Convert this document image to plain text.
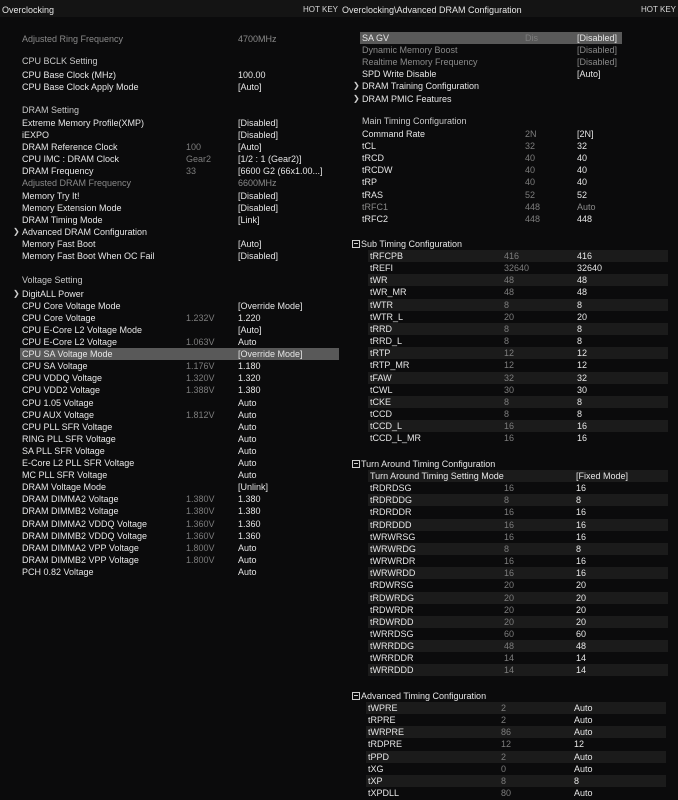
Overclocking	HOT KEY
Adjusted Ring Frequency	4700MHz
CPU BCLK Setting
CPU Base Clock (MHz)	100.00
CPU Base Clock Apply Mode	[Auto]
DRAM Setting
Extreme Memory Profile(XMP)	[Disabled]
iEXPO	[Disabled]
DRAM Reference Clock	100	[Auto]
CPU IMC : DRAM Clock	Gear2	[1/2 : 1 (Gear2)]
DRAM Frequency	33	[6600 G2 (66x1.00...]
Adjusted DRAM Frequency	6600MHz
Memory Try It!	[Disabled]
Memory Extension Mode	[Disabled]
DRAM Timing Mode	[Link]
❯ Advanced DRAM Configuration
Memory Fast Boot	[Auto]
Memory Fast Boot When OC Fail	[Disabled]
Voltage Setting
❯ DigitALL Power
CPU Core Voltage Mode	[Override Mode]
CPU Core Voltage	1.232V	1.220
CPU E-Core L2 Voltage Mode	[Auto]
CPU E-Core L2 Voltage	1.063V	Auto
CPU SA Voltage Mode	[Override Mode]
CPU SA Voltage	1.176V	1.180
CPU VDDQ Voltage	1.320V	1.320
CPU VDD2 Voltage	1.388V	1.380
CPU 1.05 Voltage	Auto
CPU AUX Voltage	1.812V	Auto
CPU PLL SFR Voltage	Auto
RING PLL SFR Voltage	Auto
SA PLL SFR Voltage	Auto
E-Core L2 PLL SFR Voltage	Auto
MC PLL SFR Voltage	Auto
DRAM Voltage Mode	[Unlink]
DRAM DIMMA2 Voltage	1.380V	1.380
DRAM DIMMB2 Voltage	1.380V	1.380
DRAM DIMMA2 VDDQ Voltage	1.360V	1.360
DRAM DIMMB2 VDDQ Voltage	1.360V	1.360
DRAM DIMMA2 VPP Voltage	1.800V	Auto
DRAM DIMMB2 VPP Voltage	1.800V	Auto
PCH 0.82 Voltage	Auto
Overclocking\Advanced DRAM Configuration	HOT KEY
SA GV	Dis	[Disabled]
Dynamic Memory Boost	[Disabled]
Realtime Memory Frequency	[Disabled]
SPD Write Disable	[Auto]
❯ DRAM Training Configuration
❯ DRAM PMIC Features
Main Timing Configuration
Command Rate	2N	[2N]
tCL	32	32
tRCD	40	40
tRCDW	40	40
tRP	40	40
tRAS	52	52
tRFC1	448	Auto
tRFC2	448	448
Sub Timing Configuration
tRFCPB	416	416
tREFI	32640	32640
tWR	48	48
tWR_MR	48	48
tWTR	8	8
tWTR_L	20	20
tRRD	8	8
tRRD_L	8	8
tRTP	12	12
tRTP_MR	12	12
tFAW	32	32
tCWL	30	30
tCKE	8	8
tCCD	8	8
tCCD_L	16	16
tCCD_L_MR	16	16
Turn Around Timing Configuration
Turn Around Timing Setting Mode	[Fixed Mode]
tRDRDSG	16	16
tRDRDDG	8	8
tRDRDDR	16	16
tRDRDDD	16	16
tWRWRSG	16	16
tWRWRDG	8	8
tWRWRDR	16	16
tWRWRDD	16	16
tRDWRSG	20	20
tRDWRDG	20	20
tRDWRDR	20	20
tRDWRDD	20	20
tWRRDSG	60	60
tWRRDDG	48	48
tWRRDDR	14	14
tWRRDDD	14	14
Advanced Timing Configuration
tWPRE	2	Auto
tRPRE	2	Auto
tWRPRE	86	Auto
tRDPRE	12	12
tPPD	2	Auto
tXG	0	Auto
tXP	8	8
tXPDLL	80	Auto
